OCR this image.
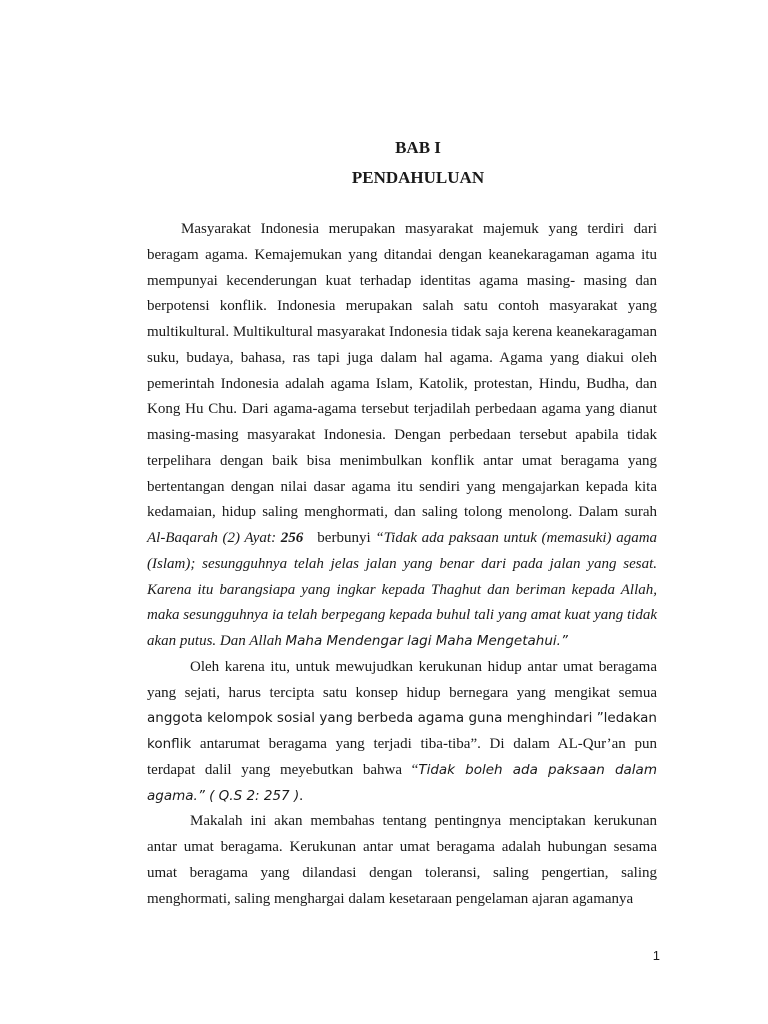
BAB I
PENDAHULUAN

Masyarakat Indonesia merupakan masyarakat majemuk yang terdiri dari beragam agama. Kemajemukan yang ditandai dengan keanekaragaman agama itu mempunyai kecenderungan kuat terhadap identitas agama masing- masing dan berpotensi konflik. Indonesia merupakan salah satu contoh masyarakat yang multikultural. Multikultural masyarakat Indonesia tidak saja kerena keanekaragaman suku, budaya, bahasa, ras tapi juga dalam hal agama. Agama yang diakui oleh pemerintah Indonesia adalah agama Islam, Katolik, protestan, Hindu, Budha, dan Kong Hu Chu. Dari agama-agama tersebut terjadilah perbedaan agama yang dianut masing-masing masyarakat Indonesia. Dengan perbedaan tersebut apabila tidak terpelihara dengan baik bisa menimbulkan konflik antar umat beragama yang bertentangan dengan nilai dasar agama itu sendiri yang mengajarkan kepada kita kedamaian, hidup saling menghormati, dan saling tolong menolong. Dalam surah Al-Baqarah (2) Ayat: 256 berbunyi “Tidak ada paksaan untuk (memasuki) agama (Islam); sesungguhnya telah jelas jalan yang benar dari pada jalan yang sesat. Karena itu barangsiapa yang ingkar kepada Thaghut dan beriman kepada Allah, maka sesungguhnya ia telah berpegang kepada buhul tali yang amat kuat yang tidak akan putus. Dan Allah Maha Mendengar lagi Maha Mengetahui.”

Oleh karena itu, untuk mewujudkan kerukunan hidup antar umat beragama yang sejati, harus tercipta satu konsep hidup bernegara yang mengikat semua anggota kelompok sosial yang berbeda agama guna menghindari ”ledakan konflik antarumat beragama yang terjadi tiba-tiba”. Di dalam AL-Qur’an pun terdapat dalil yang meyebutkan bahwa “Tidak boleh ada paksaan dalam agama.” ( Q.S 2: 257 ).

Makalah ini akan membahas tentang pentingnya menciptakan kerukunan antar umat beragama. Kerukunan antar umat beragama adalah hubungan sesama umat beragama yang dilandasi dengan toleransi, saling pengertian, saling menghormati, saling menghargai dalam kesetaraan pengelaman ajaran agamanya

1
